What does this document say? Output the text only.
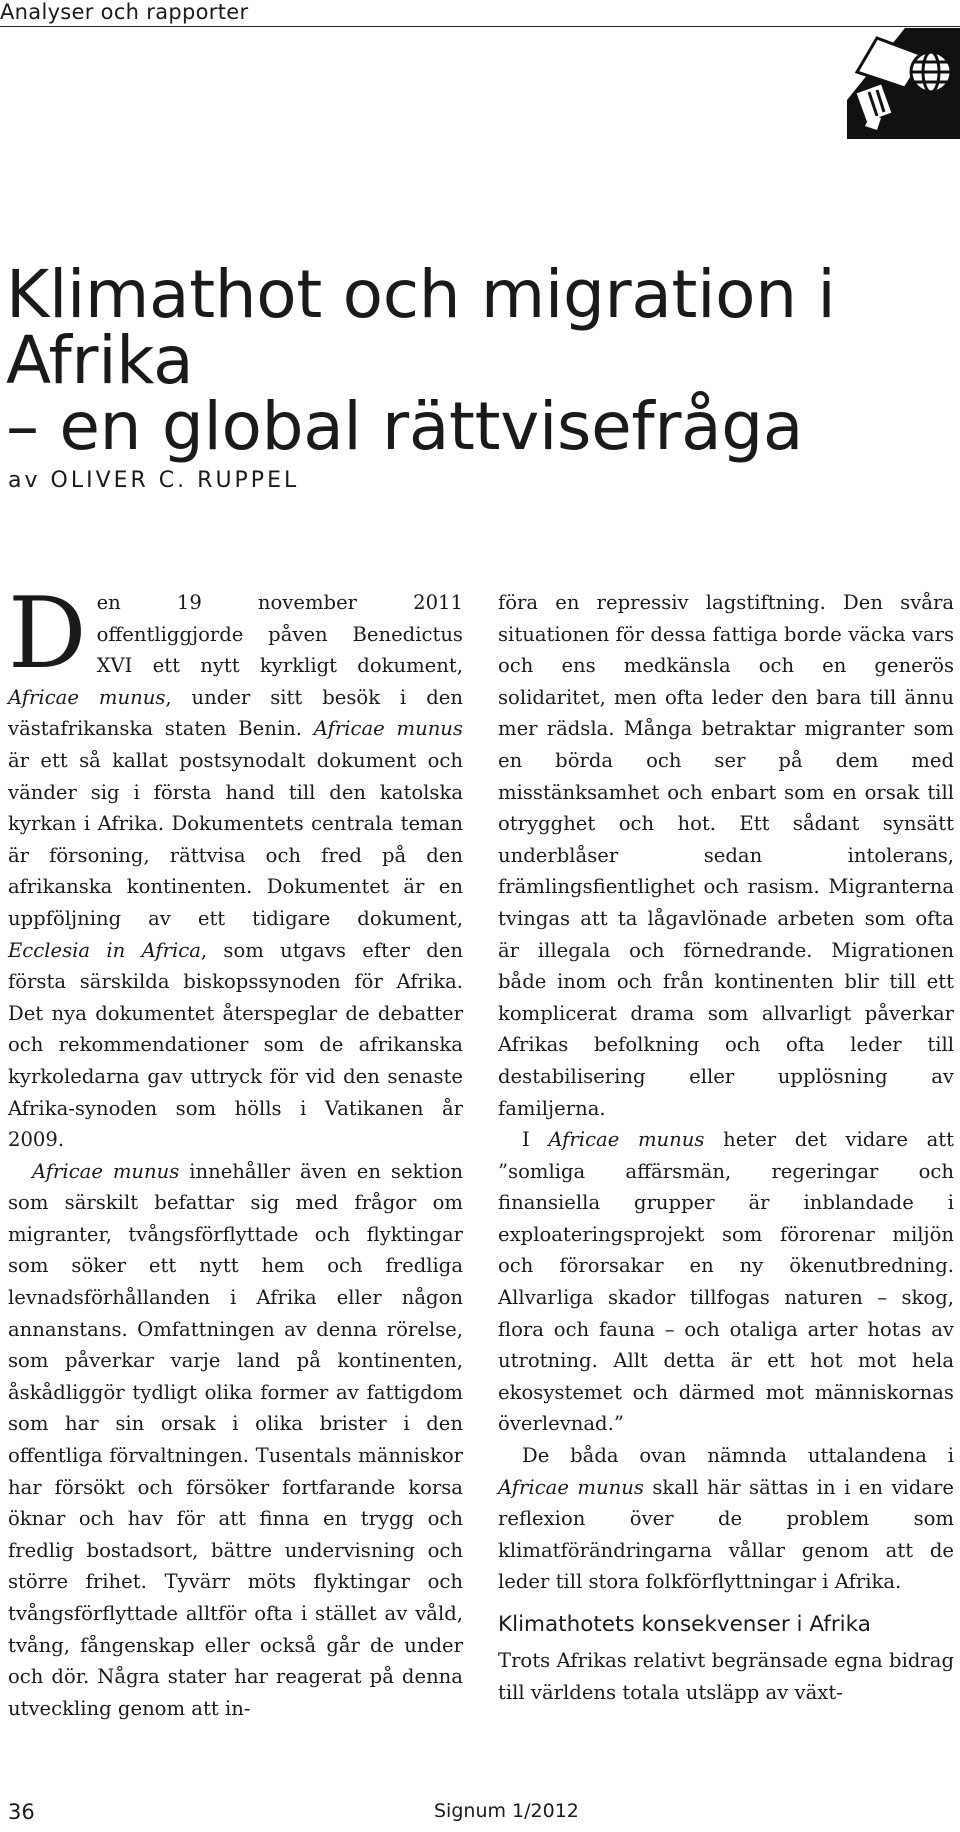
Analyser och rapporter
Klimathot och migration i Afrika
– en global rättvisefråga
av OLIVER C. RUPPEL

Den 19 november 2011 offentliggjorde påven Benedictus XVI ett nytt kyrkligt dokument, Africae munus, under sitt besök i den västafrikanska staten Benin. Africae munus är ett så kallat postsynodalt dokument och vänder sig i första hand till den katolska kyrkan i Afrika. Dokumentets centrala teman är försoning, rättvisa och fred på den afrikanska kontinenten. Dokumentet är en uppföljning av ett tidigare dokument, Ecclesia in Africa, som utgavs efter den första särskilda biskopssynoden för Afrika. Det nya dokumentet återspeglar de debatter och rekommendationer som de afrikanska kyrkoledarna gav uttryck för vid den senaste Afrika-synoden som hölls i Vatikanen år 2009.

Africae munus innehåller även en sektion som särskilt befattar sig med frågor om migranter, tvångsförflyttade och flyktingar som söker ett nytt hem och fredliga levnadsförhållanden i Afrika eller någon annanstans. Omfattningen av denna rörelse, som påverkar varje land på kontinenten, åskådliggör tydligt olika former av fattigdom som har sin orsak i olika brister i den offentliga förvaltningen. Tusentals människor har försökt och försöker fortfarande korsa öknar och hav för att finna en trygg och fredlig bostadsort, bättre undervisning och större frihet. Tyvärr möts flyktingar och tvångsförflyttade alltför ofta i stället av våld, tvång, fångenskap eller också går de under och dör. Några stater har reagerat på denna utveckling genom att in-

föra en repressiv lagstiftning. Den svåra situationen för dessa fattiga borde väcka vars och ens medkänsla och en generös solidaritet, men ofta leder den bara till ännu mer rädsla. Många betraktar migranter som en börda och ser på dem med misstänksamhet och enbart som en orsak till otrygghet och hot. Ett sådant synsätt underblåser sedan intolerans, främlingsfientlighet och rasism. Migranterna tvingas att ta lågavlönade arbeten som ofta är illegala och förnedrande. Migrationen både inom och från kontinenten blir till ett komplicerat drama som allvarligt påverkar Afrikas befolkning och ofta leder till destabilisering eller upplösning av familjerna.

I Africae munus heter det vidare att ”somliga affärsmän, regeringar och finansiella grupper är inblandade i exploateringsprojekt som förorenar miljön och förorsakar en ny ökenutbredning. Allvarliga skador tillfogas naturen – skog, flora och fauna – och otaliga arter hotas av utrotning. Allt detta är ett hot mot hela ekosystemet och därmed mot människornas överlevnad.”

De båda ovan nämnda uttalandena i Africae munus skall här sättas in i en vidare reflexion över de problem som klimatförändringarna vållar genom att de leder till stora folkförflyttningar i Afrika.

Klimathotets konsekvenser i Afrika

Trots Afrikas relativt begränsade egna bidrag till världens totala utsläpp av växt-

36	Signum 1/2012
